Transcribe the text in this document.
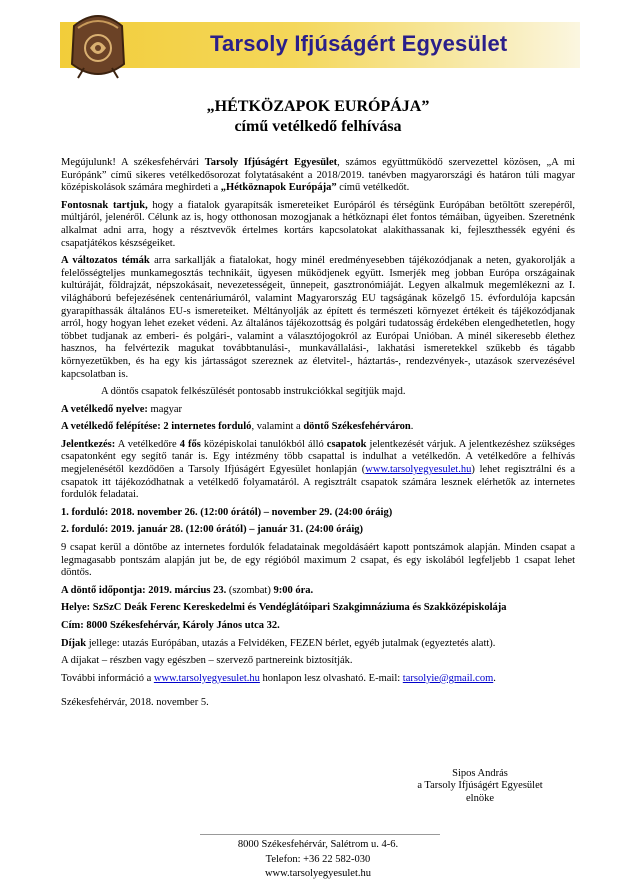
Tarsoly Ifjúságért Egyesület
„HÉTKÖZAPOK EURÓPÁJA”
című vetélkedő felhívása

Megújulunk! A székesfehérvári Tarsoly Ifjúságért Egyesület, számos együttműködő szervezettel közösen, „A mi Európánk” című sikeres vetélkedősorozat folytatásaként a 2018/2019. tanévben magyarországi és határon túli magyar középiskolások számára meghirdeti a „Hétköznapok Európája” című vetélkedőt.

Fontosnak tartjuk, hogy a fiatalok gyarapítsák ismereteiket Európáról és térségünk Európában betöltött szerepéről, múltjáról, jelenéről. Célunk az is, hogy otthonosan mozogjanak a hétköznapi élet fontos témáiban, ügyeiben. Szeretnénk alkalmat adni arra, hogy a résztvevők értelmes kortárs kapcsolatokat alakíthassanak ki, fejleszthessék egyéni és csapatjátékos készségeiket.

A változatos témák arra sarkallják a fiatalokat, hogy minél eredményesebben tájékozódjanak a neten, gyakorolják a felelősségteljes munkamegosztás technikáit, ügyesen működjenek együtt. Ismerjék meg jobban Európa országainak kultúráját, földrajzát, népszokásait, nevezetességeit, ünnepeit, gasztronómiáját. Legyen alkalmuk megemlékezni az I. világháború befejezésének centenáriumáról, valamint Magyarország EU tagságának közelgő 15. évfordulója kapcsán gyarapíthassák általános EU-s ismereteiket. Méltányolják az épített és természeti környezet értékeit és tájékozódjanak arról, hogy hogyan lehet ezeket védeni. Az általános tájékozottság és polgári tudatosság érdekében elengedhetetlen, hogy többet tudjanak az emberi- és polgári-, valamint a választójogokról az Európai Unióban. A minél sikeresebb élethez hasznos, ha felvértezik magukat továbbtanulási-, munkavállalási-, lakhatási ismeretekkel szűkebb és tágabb környezetükben, és ha egy kis jártasságot szereznek az életvitel-, háztartás-, rendezvények-, utazások szervezésével kapcsolatban is.

A döntős csapatok felkészülését pontosabb instrukciókkal segítjük majd.

A vetélkedő nyelve: magyar

A vetélkedő felépítése: 2 internetes forduló, valamint a döntő Székesfehérváron.

Jelentkezés: A vetélkedőre 4 fős középiskolai tanulókból álló csapatok jelentkezését várjuk. A jelentkezéshez szükséges csapatonként egy segítő tanár is. Egy intézmény több csapattal is indulhat a vetélkedőn. A vetélkedőre a felhívás megjelenésétől kezdődően a Tarsoly Ifjúságért Egyesület honlapján (www.tarsolyegyesulet.hu) lehet regisztrálni és a csapatok itt tájékozódhatnak a vetélkedő folyamatáról. A regisztrált csapatok számára lesznek elérhetők az internetes fordulók feladatai.

1. forduló: 2018. november 26. (12:00 órától) – november 29. (24:00 óráig)

2. forduló: 2019. január 28. (12:00 órától) – január 31. (24:00 óráig)

9 csapat kerül a döntőbe az internetes fordulók feladatainak megoldásáért kapott pontszámok alapján. Minden csapat a legmagasabb pontszám alapján jut be, de egy régióból maximum 2 csapat, és egy iskolából legfeljebb 1 csapat lehet döntős.

A döntő időpontja: 2019. március 23. (szombat) 9:00 óra.

Helye: SzSzC Deák Ferenc Kereskedelmi és Vendéglátóipari Szakgimnáziuma és Szakközépiskolája

Cím: 8000 Székesfehérvár, Károly János utca 32.

Díjak jellege: utazás Európában, utazás a Felvidéken, FEZEN bérlet, egyéb jutalmak (egyeztetés alatt).

A díjakat – részben vagy egészben – szervező partnereink biztosítják.

További információ a www.tarsolyegyesulet.hu honlapon lesz olvasható. E-mail: tarsolyie@gmail.com.

Székesfehérvár, 2018. november 5.

Sipos András
a Tarsoly Ifjúságért Egyesület
elnöke
8000 Székesfehérvár, Salétrom u. 4-6.
Telefon: +36 22 582-030
www.tarsolyegyesulet.hu
